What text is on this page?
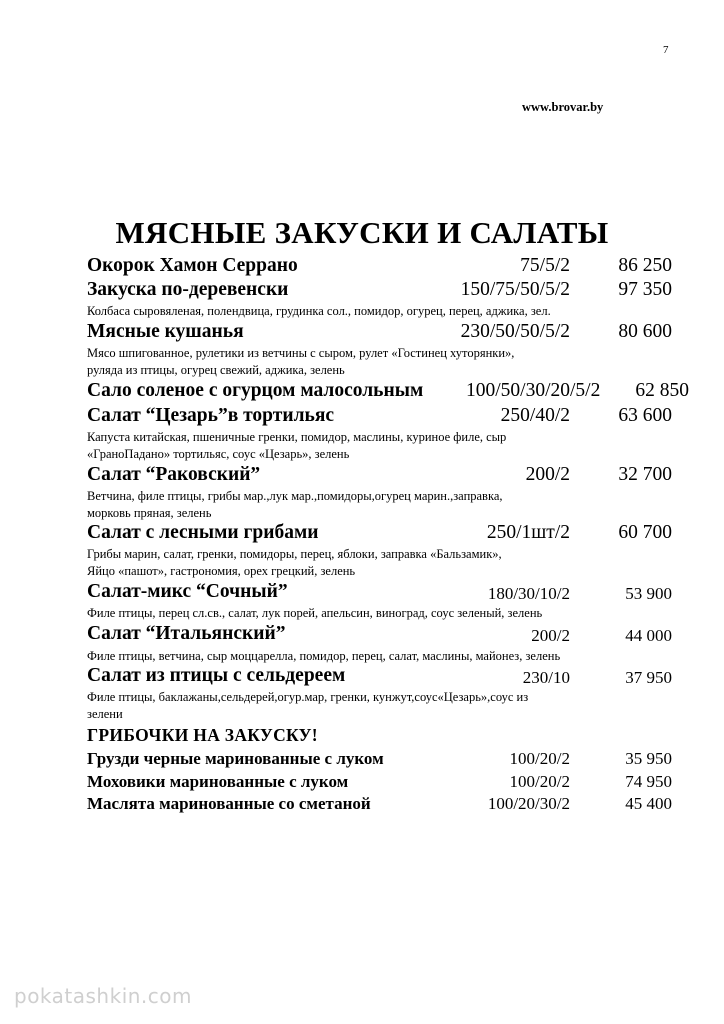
7
www.brovar.by
МЯСНЫЕ ЗАКУСКИ И САЛАТЫ
Окорок Хамон Серрано	75/5/2 86 250
Закуска по-деревенски	150/75/50/5/2 97 350
Колбаса сыровяленая, полендвица, грудинка сол., помидор, огурец, перец, аджика, зел.
Мясные кушанья	230/50/50/5/2 80 600
Мясо шпигованное, рулетики из ветчины с сыром, рулет «Гостинец хуторянки»,
руляда из птицы, огурец свежий, аджика, зелень
Сало соленое с огурцом малосольным 100/50/30/20/5/2 62 850
Салат “Цезарь”в тортильяс	250/40/2 63 600
Капуста китайская, пшеничные гренки, помидор, маслины, куриное филе, сыр
«ГраноПадано» тортильяс, соус «Цезарь», зелень
Салат “Раковский”	200/2 32 700
Ветчина, филе птицы, грибы мар.,лук мар.,помидоры,огурец марин.,заправка,
морковь пряная, зелень
Салат с лесными грибами	250/1шт/2 60 700
Грибы марин, салат, гренки, помидоры, перец, яблоки, заправка «Бальзамик»,
Яйцо «пашот», гастрономия, орех грецкий, зелень
Салат-микс “Сочный”	180/30/10/2	53 900
Филе птицы, перец сл.св., салат, лук порей, апельсин, виноград, соус зеленый, зелень
Салат “Итальянский”	200/2	44 000
Филе птицы, ветчина, сыр моццарелла, помидор, перец, салат, маслины, майонез, зелень
Салат из птицы с сельдереем	230/10	37 950
Филе птицы, баклажаны,сельдерей,огур.мар, гренки, кунжут,соус«Цезарь»,соус из
зелени
ГРИБОЧКИ НА ЗАКУСКУ!
Грузди черные маринованные с луком	100/20/2	35 950
Моховики маринованные с луком	100/20/2	74 950
Маслята маринованные со сметаной	100/20/30/2	45 400
pokatashkin.com
